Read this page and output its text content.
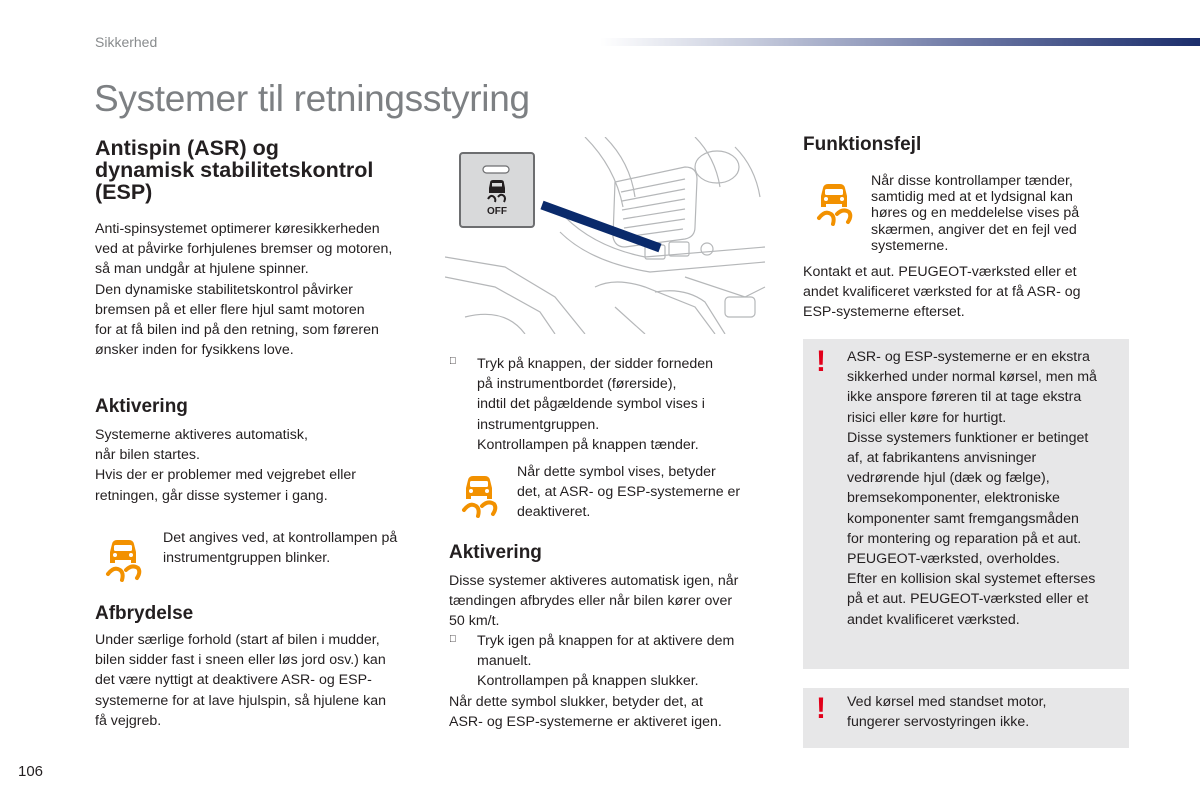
Sikkerhed
Systemer til retningsstyring
Antispin (ASR) og
dynamisk stabilitetskontrol
(ESP)
Anti-spinsystemet optimerer køresikkerheden
ved at påvirke forhjulenes bremser og motoren,
så man undgår at hjulene spinner.
Den dynamiske stabilitetskontrol påvirker
bremsen på et eller flere hjul samt motoren
for at få bilen ind på den retning, som føreren
ønsker inden for fysikkens love.
Aktivering
Systemerne aktiveres automatisk,
når bilen startes.
Hvis der er problemer med vejgrebet eller
retningen, går disse systemer i gang.
Det angives ved, at kontrollampen på
instrumentgruppen blinker.
Afbrydelse
Under særlige forhold (start af bilen i mudder,
bilen sidder fast i sneen eller løs jord osv.) kan
det være nyttigt at deaktivere ASR- og ESP-
systemerne for at lave hjulspin, så hjulene kan
få vejgreb.
OFF
Tryk på knappen, der sidder forneden
på instrumentbordet (førerside),
indtil det pågældende symbol vises i
instrumentgruppen.
Kontrollampen på knappen tænder.
Når dette symbol vises, betyder
det, at ASR- og ESP-systemerne er
deaktiveret.
Aktivering
Disse systemer aktiveres automatisk igen, når
tændingen afbrydes eller når bilen kører over
50 km/t.
Tryk igen på knappen for at aktivere dem
manuelt.
Kontrollampen på knappen slukker.
Når dette symbol slukker, betyder det, at
ASR- og ESP-systemerne er aktiveret igen.
Funktionsfejl
Når disse kontrollamper tænder,
samtidig med at et lydsignal kan
høres og en meddelelse vises på
skærmen, angiver det en fejl ved
systemerne.
Kontakt et aut. PEUGEOT-værksted eller et
andet kvalificeret værksted for at få ASR- og
ESP-systemerne efterset.
! ASR- og ESP-systemerne er en ekstra
sikkerhed under normal kørsel, men må
ikke anspore føreren til at tage ekstra
risici eller køre for hurtigt.
Disse systemers funktioner er betinget
af, at fabrikantens anvisninger
vedrørende hjul (dæk og fælge),
bremsekomponenter, elektroniske
komponenter samt fremgangsmåden
for montering og reparation på et aut.
PEUGEOT-værksted, overholdes.
Efter en kollision skal systemet efterses
på et aut. PEUGEOT-værksted eller et
andet kvalificeret værksted.
! Ved kørsel med standset motor,
fungerer servostyringen ikke.
106
